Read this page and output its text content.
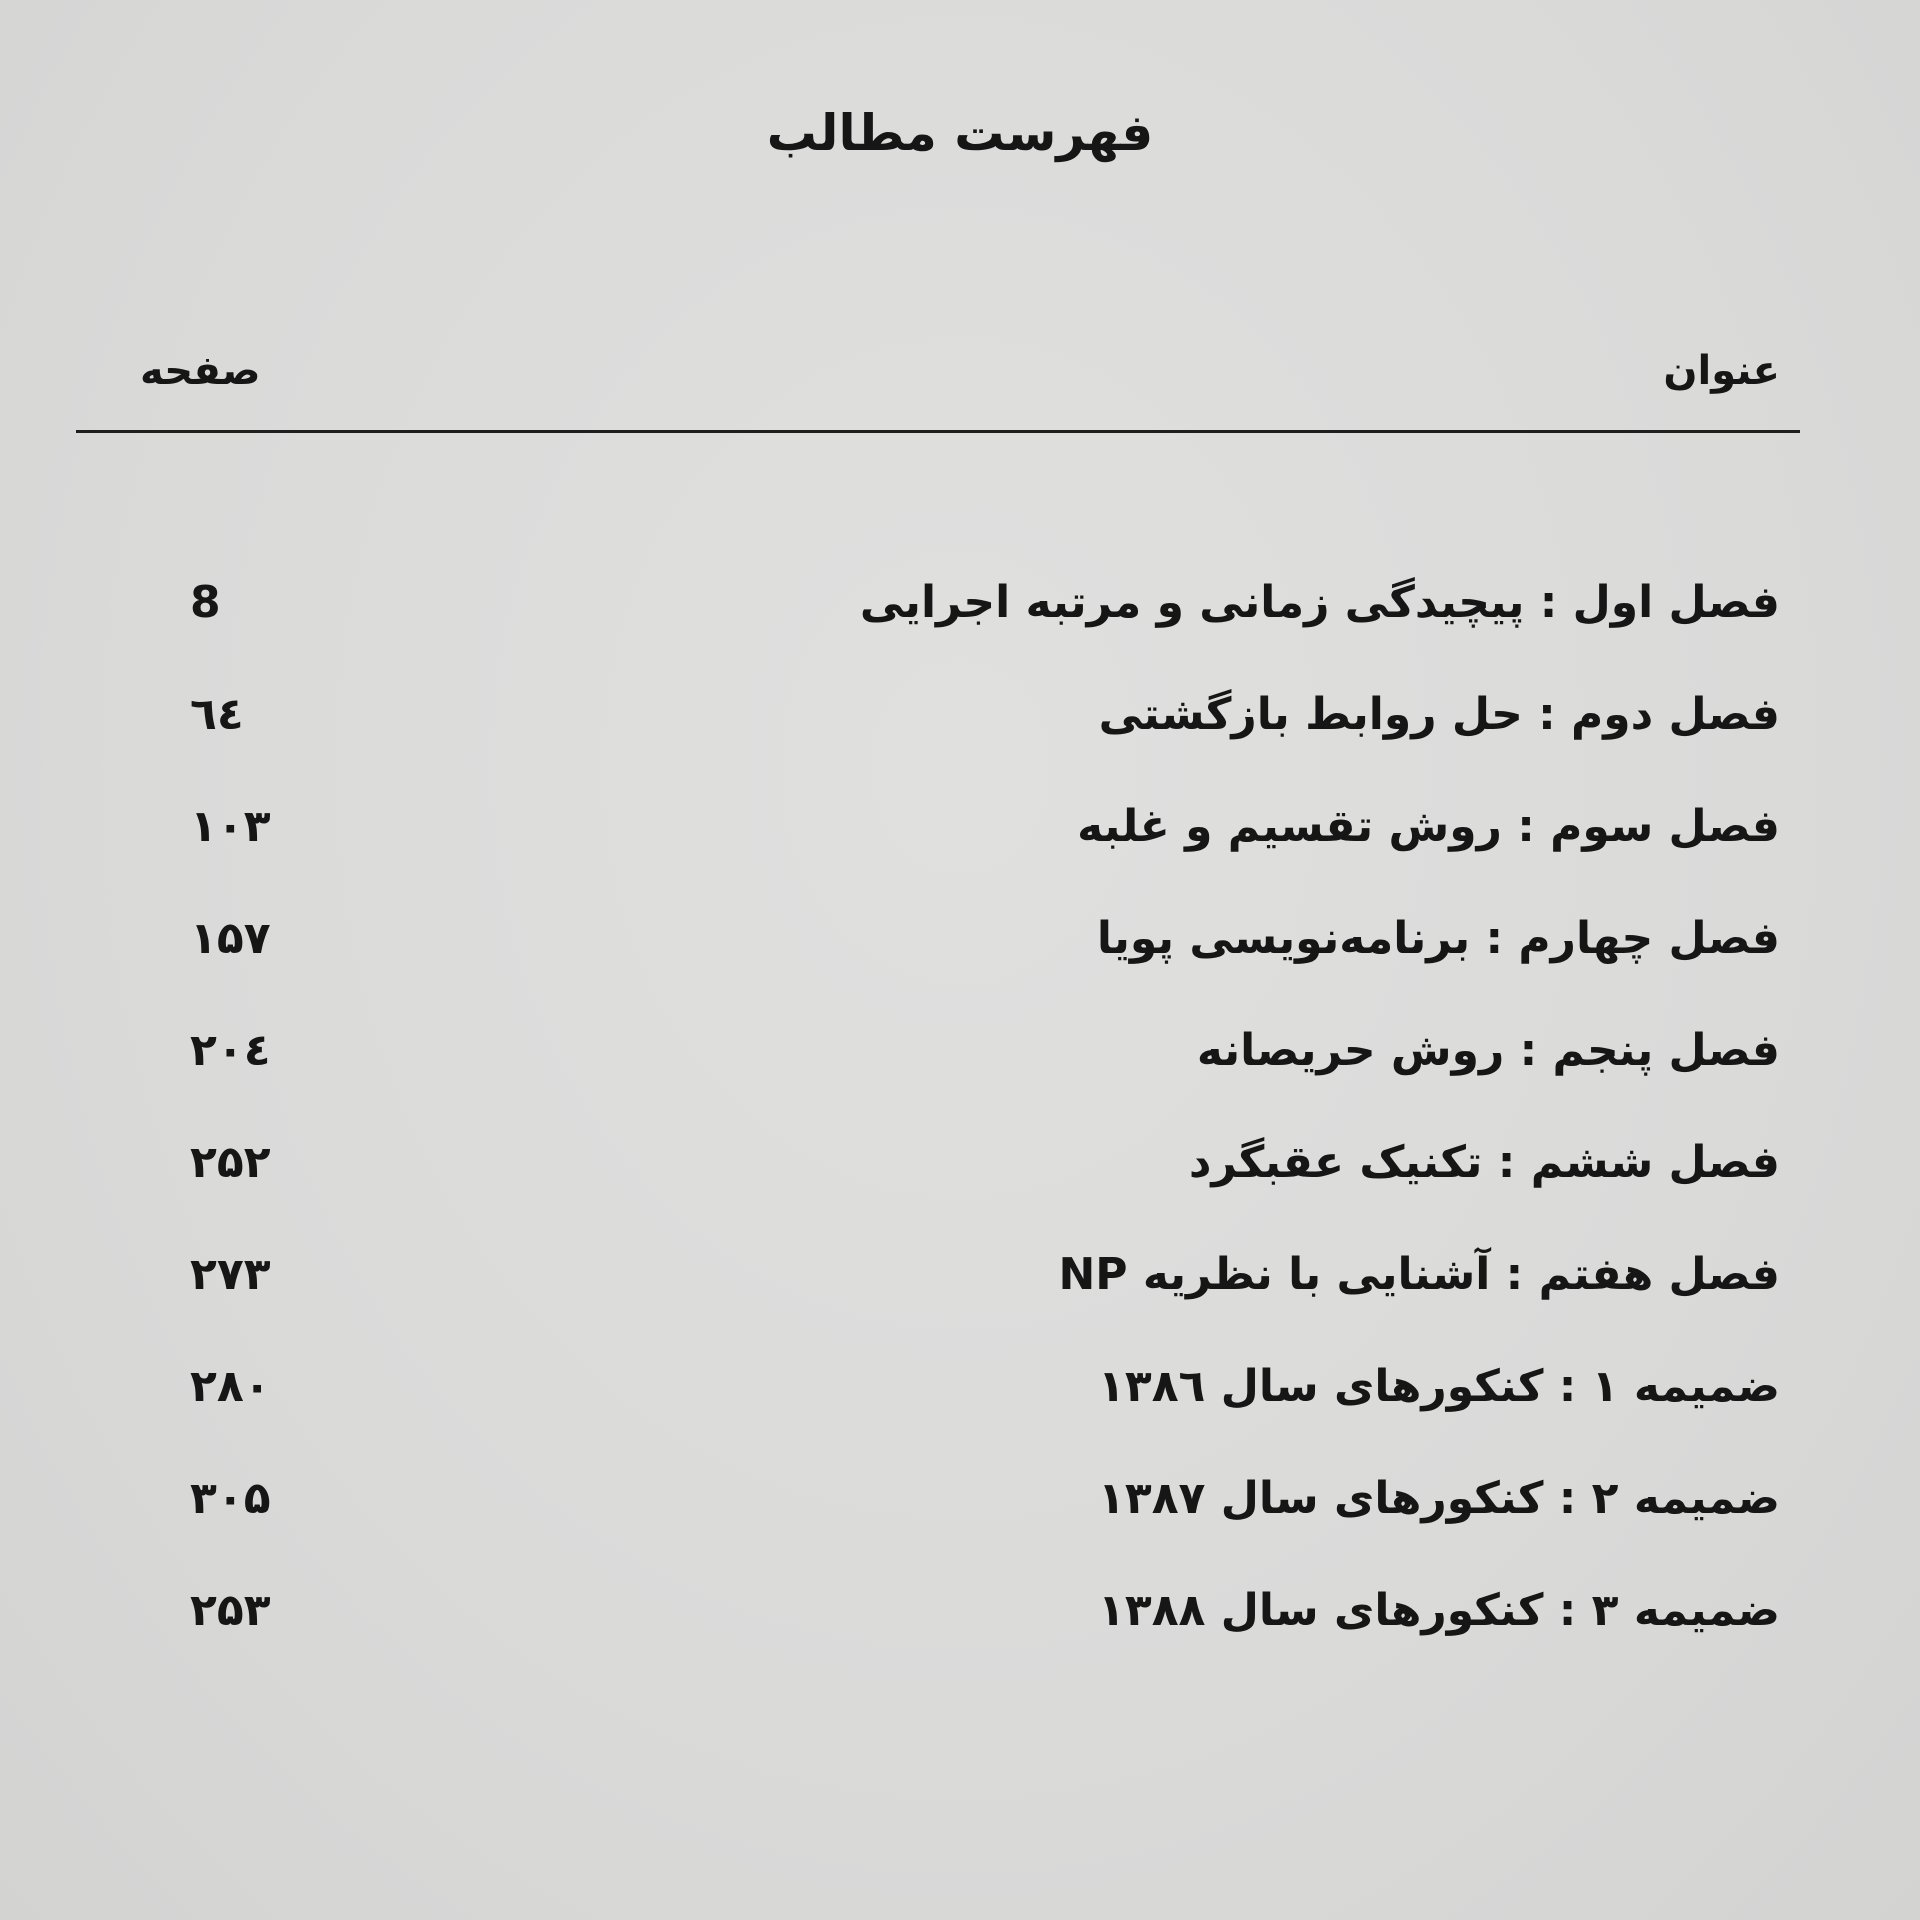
فهرست مطالب
عنوان
صفحه
فصل اول : پیچیدگی زمانی و مرتبه اجرایی
8
فصل دوم : حل روابط بازگشتی
٦٤
فصل سوم : روش تقسیم و غلبه
۱۰۳
فصل چهارم : برنامه‌نویسی پویا
۱۵۷
فصل پنجم : روش حریصانه
۲۰٤
فصل ششم : تکنیک عقبگرد
۲۵۲
فصل هفتم : آشنایی با نظریه NP
۲۷۳
ضمیمه ۱ : کنکورهای سال ۱۳۸٦
۲۸۰
ضمیمه ۲ : کنکورهای سال ۱۳۸۷
۳۰۵
ضمیمه ۳ : کنکورهای سال ۱۳۸۸
۲۵۳
